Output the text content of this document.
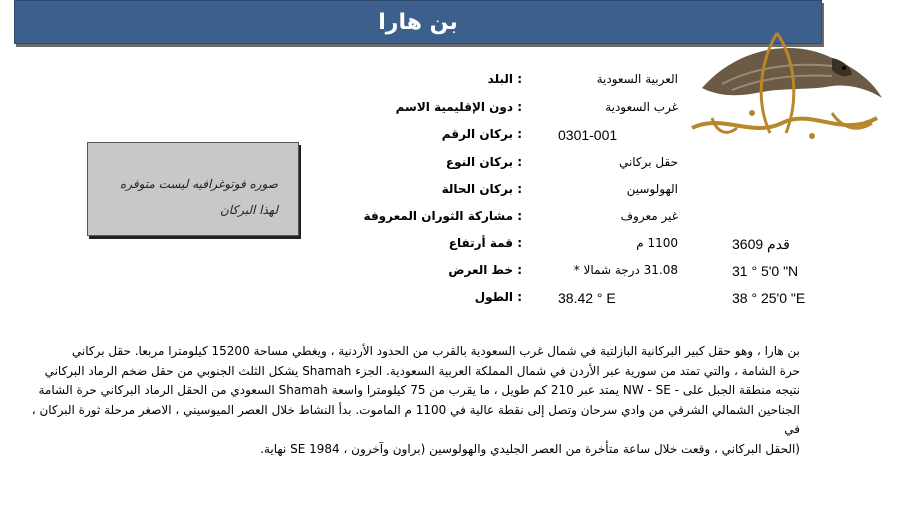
بن هارا
صوره فوتوغرافيه ليست متوفره لهذا البركان
: البلد	العربية السعودية
: دون الإقليمية الاسم	غرب السعودية
: بركان الرقم	0301-001
: بركان النوع	حقل بركاني
: بركان الحالة	الهولوسين
: مشاركة الثوران المعروفة	غير معروف
: قمة أرتفاع	1100 م	3609 قدم
: خط العرض	31.08 درجة شمالا *	31 ° 5'0 "N
: الطول	38.42 ° E	38 ° 25'0 "E
بن هارا ، وهو حقل كبير البركانية البازلتية في شمال غرب السعودية بالقرب من الحدود الأردنية ، ويغطي مساحة 15200 كيلومترا مربعا. حقل بركاني
حرة الشامة ، والتي تمتد من سورية عبر الأردن في شمال المملكة العربية السعودية. الجزء Shamah يشكل الثلث الجنوبي من حقل ضخم الرماد البركاني
نتيجه منطقة الجبل على - NW - SE يمتد عبر 210 كم طويل ، ما يقرب من 75 كيلومترا واسعة Shamah السعودي من الحقل الرماد البركاني حرة الشامة
الجناحين الشمالي الشرقي من وادي سرحان وتصل إلى نقطة عالية في 1100 م الماموت. بدأ النشاط خلال العصر الميوسيني ، الاصغر مرحلة ثورة البركان ، في
(الحقل البركاني ، وقعت خلال ساعة متأخرة من العصر الجليدي والهولوسين (براون وآخرون ، SE 1984 نهاية.
